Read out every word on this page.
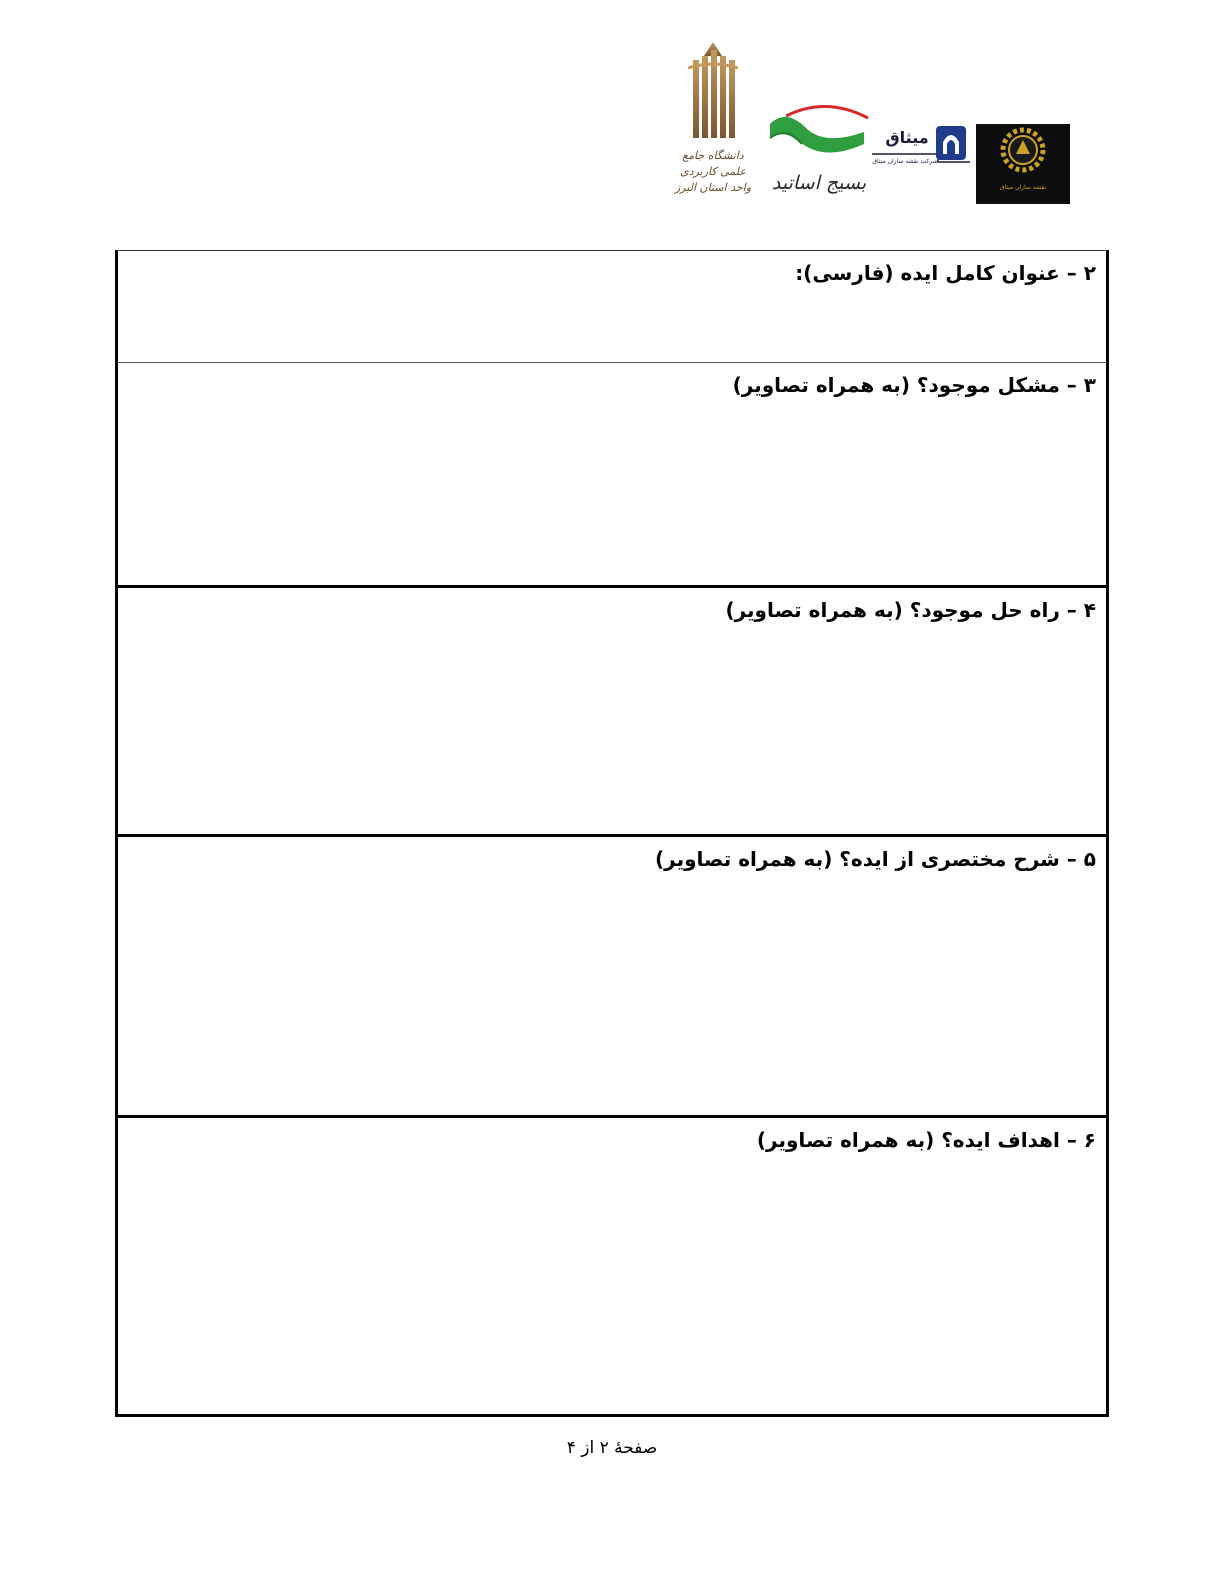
دانشگاه جامع علمی کاربردی
واحد استان البرز	بسیج اساتید
میثاق
شرکت نقشه سازان میثاق
نقشه سازان میثاق
۲ – عنوان کامل ایده (فارسی):
۳ – مشکل موجود؟ (به همراه تصاویر)
۴ – راه حل موجود؟ (به همراه تصاویر)
۵ – شرح مختصری از ایده؟ (به همراه تصاویر)
۶ – اهداف ایده؟ (به همراه تصاویر)
صفحهٔ ۲ از ۴
